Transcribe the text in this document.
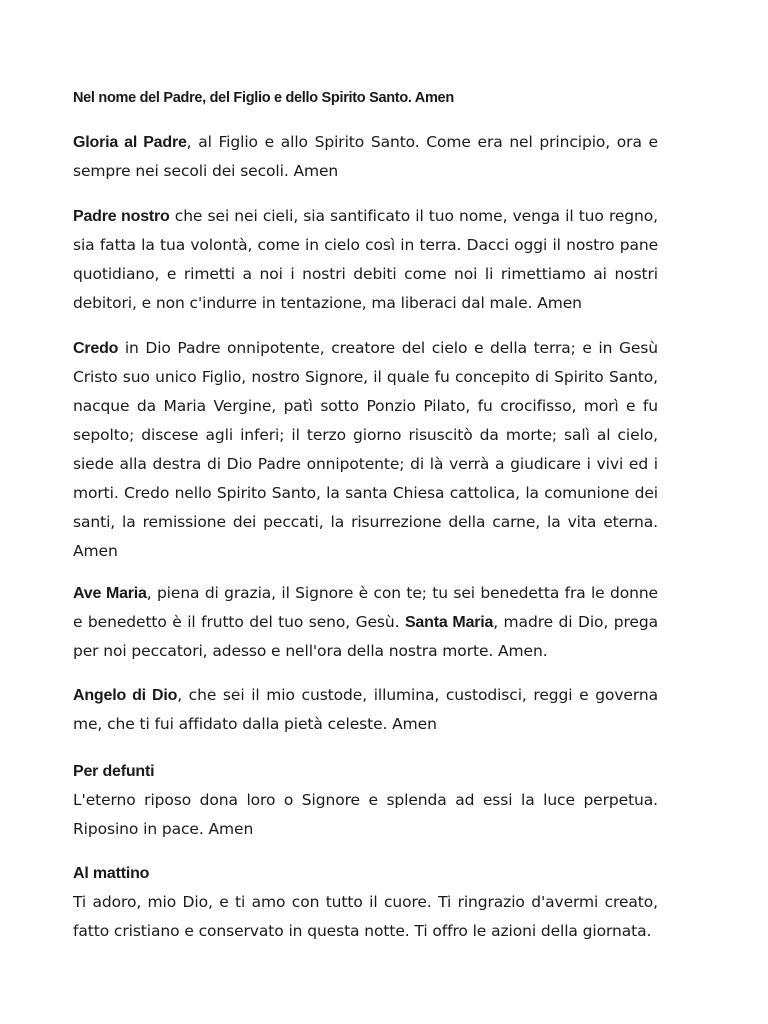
Nel nome del Padre, del Figlio e dello Spirito Santo. Amen

Gloria al Padre, al Figlio e allo Spirito Santo. Come era nel principio, ora e sempre nei secoli dei secoli. Amen

Padre nostro che sei nei cieli, sia santificato il tuo nome, venga il tuo regno, sia fatta la tua volontà, come in cielo così in terra. Dacci oggi il nostro pane quotidiano, e rimetti a noi i nostri debiti come noi li rimettiamo ai nostri debitori, e non c'indurre in tentazione, ma liberaci dal male. Amen

Credo in Dio Padre onnipotente, creatore del cielo e della terra; e in Gesù Cristo suo unico Figlio, nostro Signore, il quale fu concepito di Spirito Santo, nacque da Maria Vergine, patì sotto Ponzio Pilato, fu crocifisso, morì e fu sepolto; discese agli inferi; il terzo giorno risuscitò da morte; salì al cielo, siede alla destra di Dio Padre onnipotente; di là verrà a giudicare i vivi ed i morti. Credo nello Spirito Santo, la santa Chiesa cattolica, la comunione dei santi, la remissione dei peccati, la risurrezione della carne, la vita eterna. Amen

Ave Maria, piena di grazia, il Signore è con te; tu sei benedetta fra le donne e benedetto è il frutto del tuo seno, Gesù. Santa Maria, madre di Dio, prega per noi peccatori, adesso e nell'ora della nostra morte. Amen.

Angelo di Dio, che sei il mio custode, illumina, custodisci, reggi e governa me, che ti fui affidato dalla pietà celeste. Amen

Per defunti
L'eterno riposo dona loro o Signore e splenda ad essi la luce perpetua. Riposino in pace. Amen

Al mattino
Ti adoro, mio Dio, e ti amo con tutto il cuore. Ti ringrazio d'avermi creato, fatto cristiano e conservato in questa notte. Ti offro le azioni della giornata.
